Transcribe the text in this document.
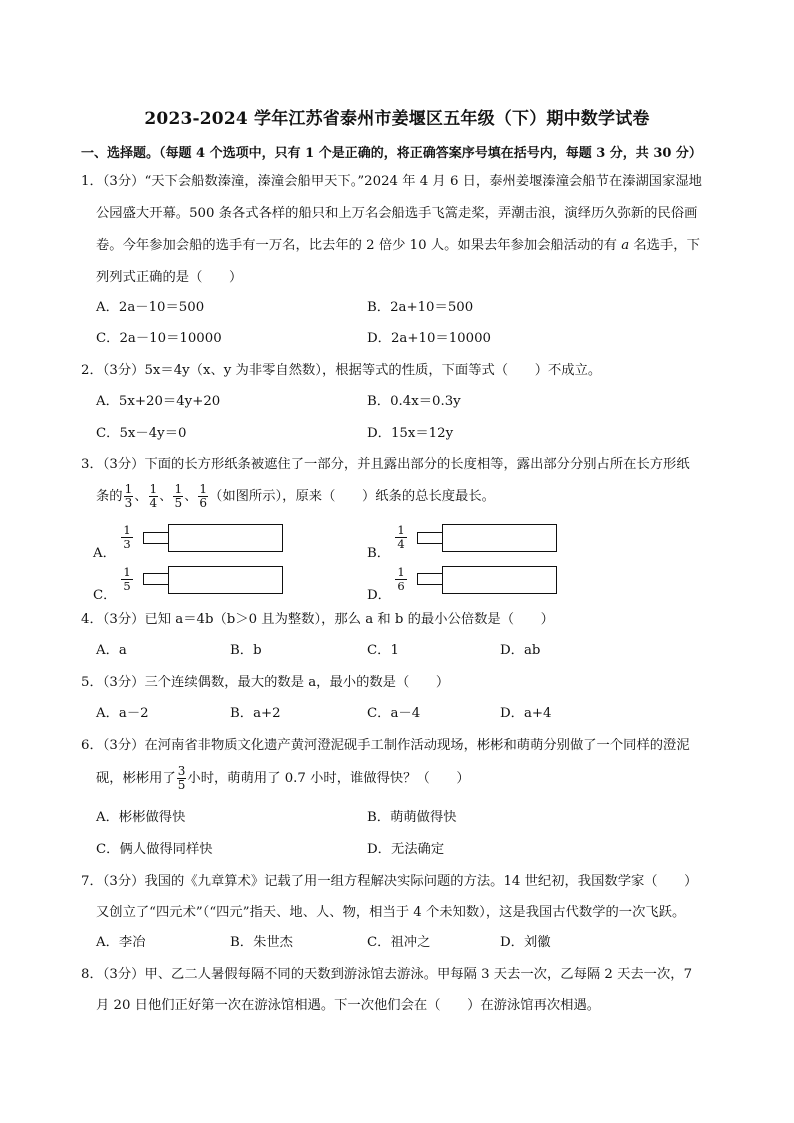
2023-2024 学年江苏省泰州市姜堰区五年级（下）期中数学试卷
一、选择题。（每题 4 个选项中，只有 1 个是正确的，将正确答案序号填在括号内，每题 3 分，共 30 分）
1．（3分）“天下会船数溱潼，溱潼会船甲天下。”2024 年 4 月 6 日，泰州姜堰溱潼会船节在溱湖国家湿地
公园盛大开幕。500 条各式各样的船只和上万名会船选手飞篙走桨，弄潮击浪，演绎历久弥新的民俗画
卷。今年参加会船的选手有一万名，比去年的 2 倍少 10 人。如果去年参加会船活动的有 a 名选手，下
列列式正确的是（　　）
A．2a－10＝500	B．2a+10＝500
C．2a－10＝10000	D．2a+10＝10000
2．（3分）5x＝4y（x、y 为非零自然数），根据等式的性质，下面等式（　　）不成立。
A．5x+20＝4y+20	B．0.4x＝0.3y
C．5x－4y＝0	D．15x＝12y
3．（3分）下面的长方形纸条被遮住了一部分，并且露出部分的长度相等，露出部分分别占所在长方形纸
条的 $\frac{1}{3}$ 、 $\frac{1}{4}$ 、 $\frac{1}{5}$ 、 $\frac{1}{6}$ （如图所示），原来（　　）纸条的总长度最长。
A．
1
3
B．
1
4
C．
1
5
D．
1
6
4．（3分）已知 a＝4b（b＞0 且为整数），那么 a 和 b 的最小公倍数是（　　）
A．a	B．b	C．1	D．ab
5．（3分）三个连续偶数，最大的数是 a，最小的数是（　　）
A．a－2	B．a+2	C．a－4	D．a+4
6．（3分）在河南省非物质文化遗产黄河澄泥砚手工制作活动现场，彬彬和萌萌分别做了一个同样的澄泥
砚，彬彬用了 $\frac{3}{5}$ 小时，萌萌用了 0.7 小时，谁做得快？（　　）
A．彬彬做得快	B．萌萌做得快
C．俩人做得同样快	D．无法确定
7．（3分）我国的《九章算术》记载了用一组方程解决实际问题的方法。14 世纪初，我国数学家（　　）
又创立了“四元术”（“四元”指天、地、人、物，相当于 4 个未知数），这是我国古代数学的一次飞跃。
A．李冶	B．朱世杰	C．祖冲之	D．刘徽
8．（3分）甲、乙二人暑假每隔不同的天数到游泳馆去游泳。甲每隔 3 天去一次，乙每隔 2 天去一次，7
月 20 日他们正好第一次在游泳馆相遇。下一次他们会在（　　）在游泳馆再次相遇。
